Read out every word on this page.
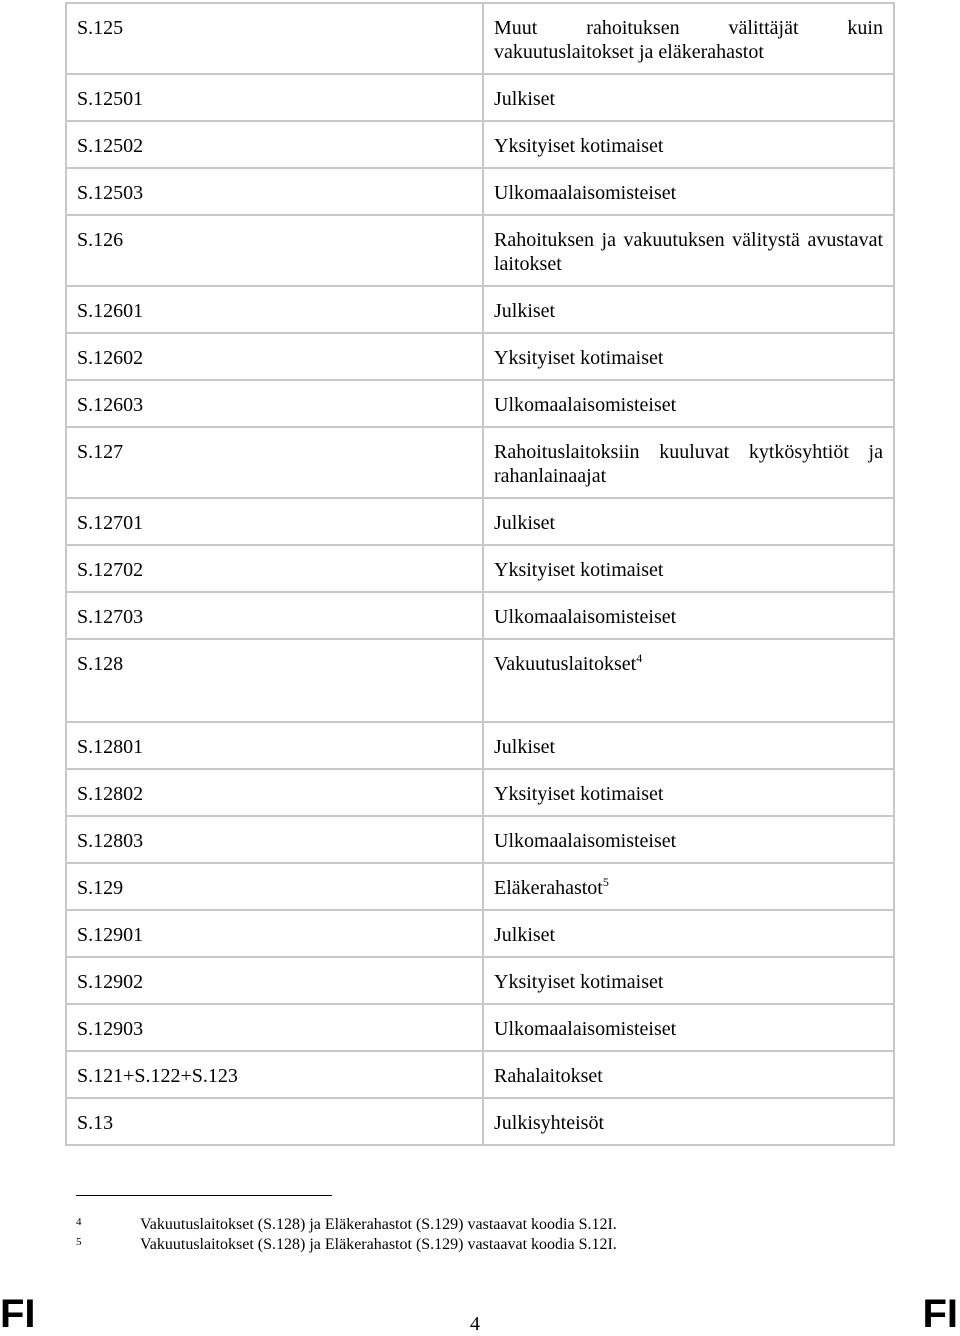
S.125	Muut rahoituksen välittäjät kuin vakuutuslaitokset ja eläkerahastot
S.12501	Julkiset
S.12502	Yksityiset kotimaiset
S.12503	Ulkomaalaisomisteiset
S.126	Rahoituksen ja vakuutuksen välitystä avustavat laitokset
S.12601	Julkiset
S.12602	Yksityiset kotimaiset
S.12603	Ulkomaalaisomisteiset
S.127	Rahoituslaitoksiin kuuluvat kytkösyhtiöt ja rahanlainaajat
S.12701	Julkiset
S.12702	Yksityiset kotimaiset
S.12703	Ulkomaalaisomisteiset
S.128	Vakuutuslaitokset$^4$
S.12801	Julkiset
S.12802	Yksityiset kotimaiset
S.12803	Ulkomaalaisomisteiset
S.129	Eläkerahastot$^5$
S.12901	Julkiset
S.12902	Yksityiset kotimaiset
S.12903	Ulkomaalaisomisteiset
S.121+S.122+S.123	Rahalaitokset
S.13	Julkisyhteisöt
4	Vakuutuslaitokset (S.128) ja Eläkerahastot (S.129) vastaavat koodia S.12I.
5	Vakuutuslaitokset (S.128) ja Eläkerahastot (S.129) vastaavat koodia S.12I.
FI	4	FI
